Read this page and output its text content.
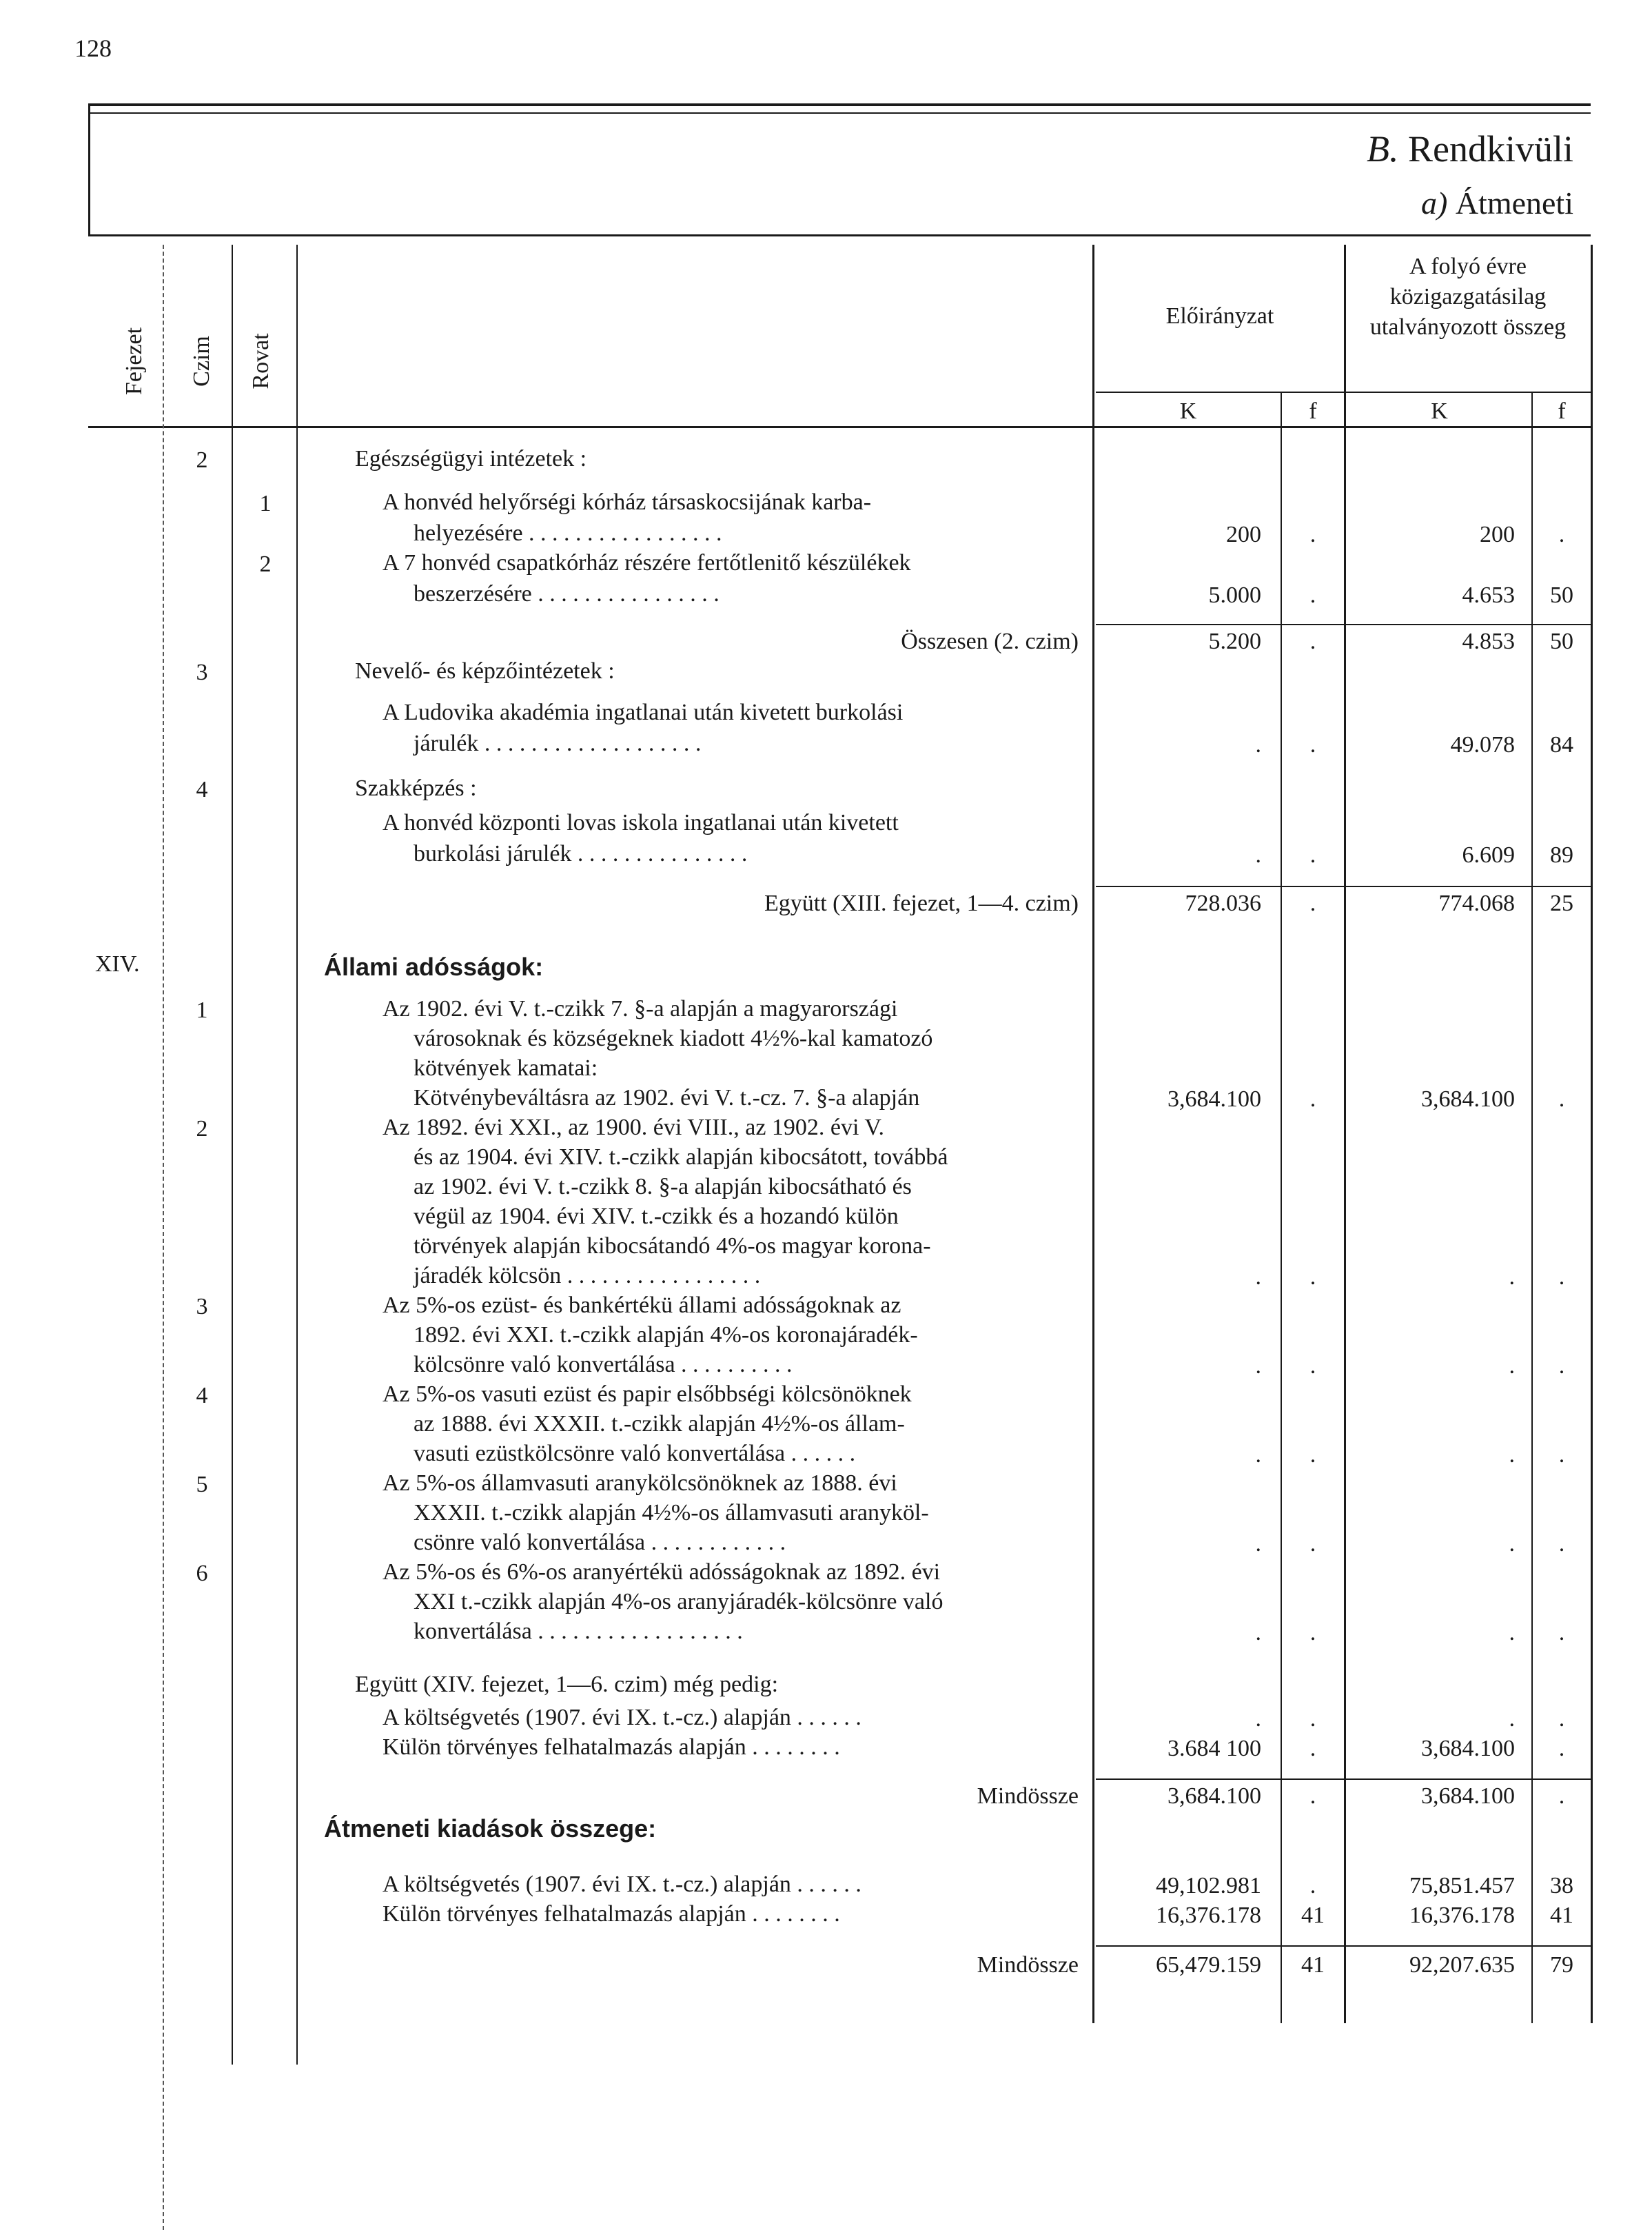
128
B. Rendkivüli
a) Átmeneti
Fejezet Czim Rovat
Előirányzat
A folyó évre közigazgatásilag utalványozott összeg
K	f	K	f
2	Egészségügyi intézetek :
1	A honvéd helyőrségi kórház társaskocsijának karba-
helyezésére . . . . . . . . . . . . . . . . .	200	.	200	.
2	A 7 honvéd csapatkórház részére fertőtlenitő készülékek
beszerzésére . . . . . . . . . . . . . . . .	5.000	.	4.653	50
Összesen (2. czim)	5.200	.	4.853	50
3	Nevelő- és képzőintézetek :
A Ludovika akadémia ingatlanai után kivetett burkolási
járulék . . . . . . . . . . . . . . . . . . .	.	.	49.078	84
4	Szakképzés :
A honvéd központi lovas iskola ingatlanai után kivetett
burkolási járulék . . . . . . . . . . . . . . .	.	.	6.609	89
Együtt (XIII. fejezet, 1—4. czim)	728.036	.	774.068	25
XIV.	Állami adósságok:
1	Az 1902. évi V. t.-czikk 7. §-a alapján a magyarországi
városoknak és községeknek kiadott 4½%-kal kamatozó
kötvények kamatai:
Kötvénybeváltásra az 1902. évi V. t.-cz. 7. §-a alapján	3,684.100	.	3,684.100	.
2	Az 1892. évi XXI., az 1900. évi VIII., az 1902. évi V.
és az 1904. évi XIV. t.-czikk alapján kibocsátott, továbbá
az 1902. évi V. t.-czikk 8. §-a alapján kibocsátható és
végül az 1904. évi XIV. t.-czikk és a hozandó külön
törvények alapján kibocsátandó 4%-os magyar korona-
járadék kölcsön . . . . . . . . . . . . . . . . .	.	.	.	.
3	Az 5%-os ezüst- és bankértékü állami adósságoknak az
1892. évi XXI. t.-czikk alapján 4%-os koronajáradék-
kölcsönre való konvertálása . . . . . . . . . .	.	.	.	.
4	Az 5%-os vasuti ezüst és papir elsőbbségi kölcsönöknek
az 1888. évi XXXII. t.-czikk alapján 4½%-os állam-
vasuti ezüstkölcsönre való konvertálása . . . . . .	.	.	.	.
5	Az 5%-os államvasuti aranykölcsönöknek az 1888. évi
XXXII. t.-czikk alapján 4½%-os államvasuti aranyköl-
csönre való konvertálása . . . . . . . . . . . .	.	.	.	.
6	Az 5%-os és 6%-os aranyértékü adósságoknak az 1892. évi
XXI t.-czikk alapján 4%-os aranyjáradék-kölcsönre való
konvertálása . . . . . . . . . . . . . . . . . .	.	.	.	.
Együtt (XIV. fejezet, 1—6. czim) még pedig:
A költségvetés (1907. évi IX. t.-cz.) alapján . . . . . .	.	.	.	.
Külön törvényes felhatalmazás alapján . . . . . . . .	3.684 100	.	3,684.100	.
Mindössze	3,684.100	.	3,684.100	.
Átmeneti kiadások összege:
A költségvetés (1907. évi IX. t.-cz.) alapján . . . . . .	49,102.981	.	75,851.457	38
Külön törvényes felhatalmazás alapján . . . . . . . .	16,376.178	41	16,376.178	41
Mindössze	65,479.159	41	92,207.635	79
